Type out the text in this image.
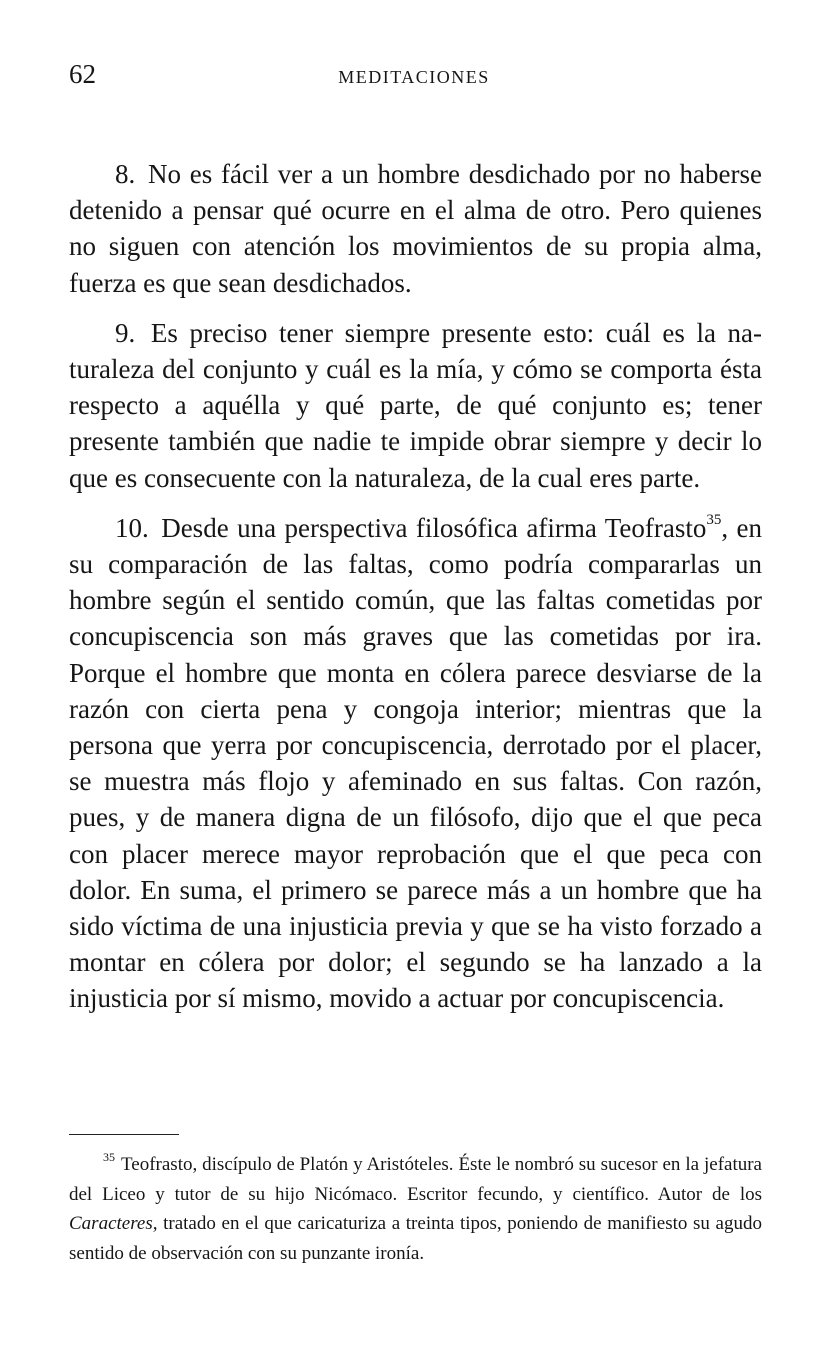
62	MEDITACIONES

8. No es fácil ver a un hombre desdichado por no haberse detenido a pensar qué ocurre en el alma de otro. Pero quienes no siguen con atención los movimientos de su propia alma, fuerza es que sean desdichados.

9. Es preciso tener siempre presente esto: cuál es la naturaleza del conjunto y cuál es la mía, y cómo se comporta ésta respecto a aquélla y qué parte, de qué conjunto es; tener presente también que nadie te impide obrar siempre y decir lo que es consecuente con la naturaleza, de la cual eres parte.

10. Desde una perspectiva filosófica afirma Teofrasto$^{35}$, en su comparación de las faltas, como podría compararlas un hombre según el sentido común, que las faltas cometidas por concupiscencia son más graves que las cometidas por ira. Porque el hombre que monta en cólera parece desviarse de la razón con cierta pena y congoja interior; mientras que la persona que yerra por concupiscencia, derrotado por el placer, se muestra más flojo y afeminado en sus faltas. Con razón, pues, y de manera digna de un filósofo, dijo que el que peca con placer merece mayor reprobación que el que peca con dolor. En suma, el primero se parece más a un hombre que ha sido víctima de una injusticia previa y que se ha visto forzado a montar en cólera por dolor; el segundo se ha lanzado a la injusticia por sí mismo, movido a actuar por concupiscencia.

$^{35}$ Teofrasto, discípulo de Platón y Aristóteles. Éste le nombró su sucesor en la jefatura del Liceo y tutor de su hijo Nicómaco. Escritor fecundo, y científico. Autor de los Caracteres, tratado en el que caricaturiza a treinta tipos, poniendo de manifiesto su agudo sentido de observación con su punzante ironía.
